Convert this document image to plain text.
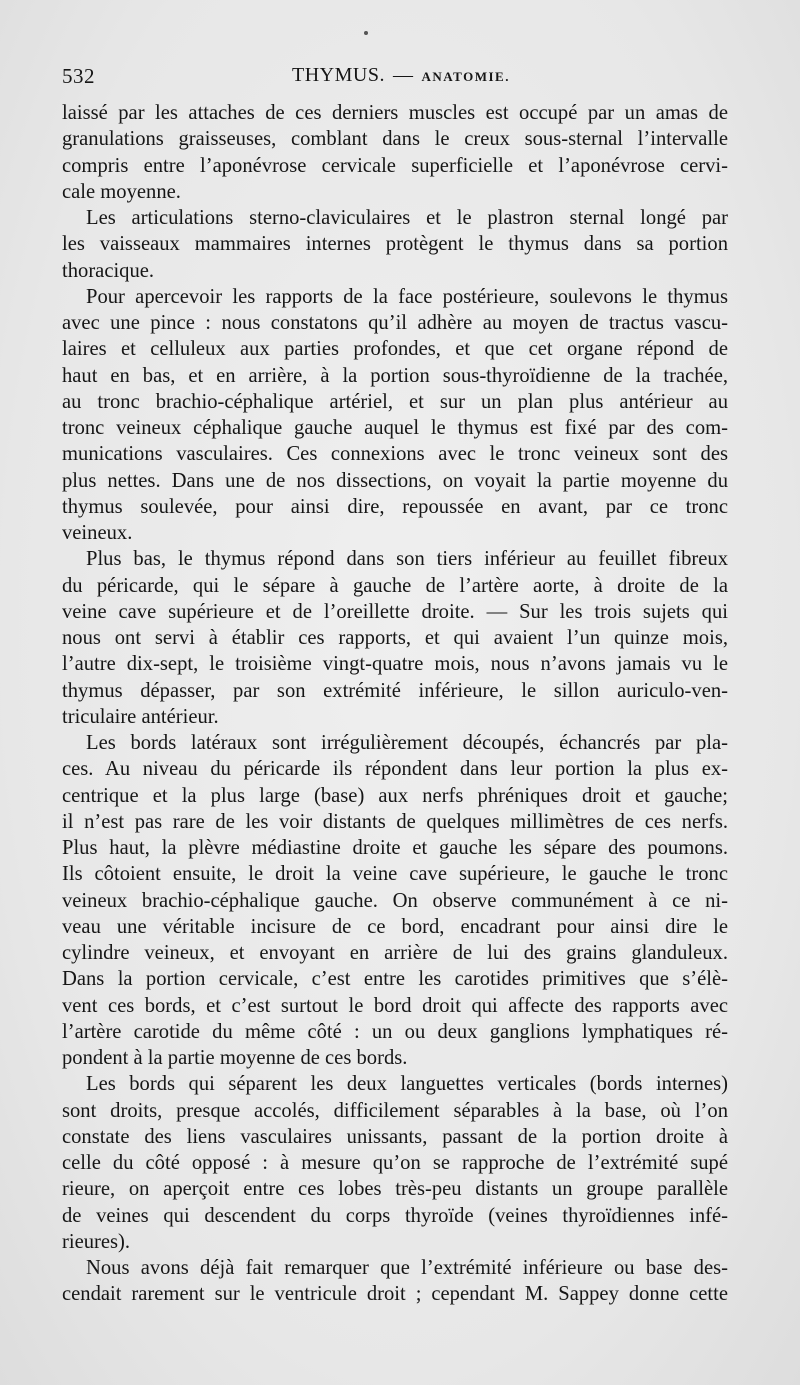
532	THYMUS. — ANATOMIE.
laissé par les attaches de ces derniers muscles est occupé par un amas de
granulations graisseuses, comblant dans le creux sous-sternal l’intervalle
compris entre l’aponévrose cervicale superficielle et l’aponévrose cervi-
cale moyenne.
Les articulations sterno-claviculaires et le plastron sternal longé par
les vaisseaux mammaires internes protègent le thymus dans sa portion
thoracique.
Pour apercevoir les rapports de la face postérieure, soulevons le thymus
avec une pince : nous constatons qu’il adhère au moyen de tractus vascu-
laires et celluleux aux parties profondes, et que cet organe répond de
haut en bas, et en arrière, à la portion sous-thyroïdienne de la trachée,
au tronc brachio-céphalique artériel, et sur un plan plus antérieur au
tronc veineux céphalique gauche auquel le thymus est fixé par des com-
munications vasculaires. Ces connexions avec le tronc veineux sont des
plus nettes. Dans une de nos dissections, on voyait la partie moyenne du
thymus soulevée, pour ainsi dire, repoussée en avant, par ce tronc
veineux.
Plus bas, le thymus répond dans son tiers inférieur au feuillet fibreux
du péricarde, qui le sépare à gauche de l’artère aorte, à droite de la
veine cave supérieure et de l’oreillette droite. — Sur les trois sujets qui
nous ont servi à établir ces rapports, et qui avaient l’un quinze mois,
l’autre dix-sept, le troisième vingt-quatre mois, nous n’avons jamais vu le
thymus dépasser, par son extrémité inférieure, le sillon auriculo-ven-
triculaire antérieur.
Les bords latéraux sont irrégulièrement découpés, échancrés par pla-
ces. Au niveau du péricarde ils répondent dans leur portion la plus ex-
centrique et la plus large (base) aux nerfs phréniques droit et gauche;
il n’est pas rare de les voir distants de quelques millimètres de ces nerfs.
Plus haut, la plèvre médiastine droite et gauche les sépare des poumons.
Ils côtoient ensuite, le droit la veine cave supérieure, le gauche le tronc
veineux brachio-céphalique gauche. On observe communément à ce ni-
veau une véritable incisure de ce bord, encadrant pour ainsi dire le
cylindre veineux, et envoyant en arrière de lui des grains glanduleux.
Dans la portion cervicale, c’est entre les carotides primitives que s’élè-
vent ces bords, et c’est surtout le bord droit qui affecte des rapports avec
l’artère carotide du même côté : un ou deux ganglions lymphatiques ré-
pondent à la partie moyenne de ces bords.
Les bords qui séparent les deux languettes verticales (bords internes)
sont droits, presque accolés, difficilement séparables à la base, où l’on
constate des liens vasculaires unissants, passant de la portion droite à
celle du côté opposé : à mesure qu’on se rapproche de l’extrémité supé
rieure, on aperçoit entre ces lobes très-peu distants un groupe parallèle
de veines qui descendent du corps thyroïde (veines thyroïdiennes infé-
rieures).
Nous avons déjà fait remarquer que l’extrémité inférieure ou base des-
cendait rarement sur le ventricule droit ; cependant M. Sappey donne cette
